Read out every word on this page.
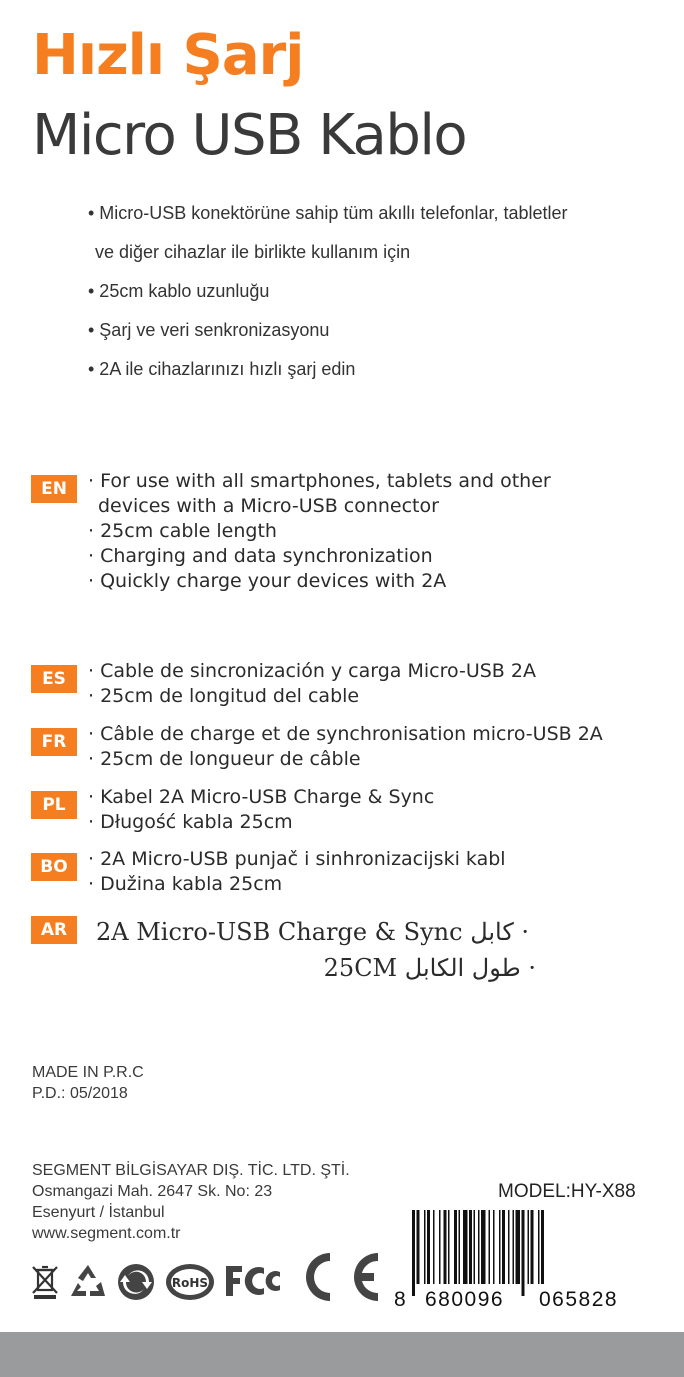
Hızlı Şarj
Micro USB Kablo
• Micro-USB konektörüne sahip tüm akıllı telefonlar, tabletler
ve diğer cihazlar ile birlikte kullanım için
• 25cm kablo uzunluğu
• Şarj ve veri senkronizasyonu
• 2A ile cihazlarınızı hızlı şarj edin
EN	· For use with all smartphones, tablets and other
devices with a Micro-USB connector
· 25cm cable length
· Charging and data synchronization
· Quickly charge your devices with 2A
ES	· Cable de sincronización y carga Micro-USB 2A
· 25cm de longitud del cable
FR	· Câble de charge et de synchronisation micro-USB 2A
· 25cm de longueur de câble
PL	· Kabel 2A Micro-USB Charge & Sync
· Długość kabla 25cm
BO	· 2A Micro-USB punjač i sinhronizacijski kabl
· Dužina kabla 25cm
AR	2A Micro-USB Charge & Sync كابل ·
25CM طول الكابل ·
MADE IN P.R.C
P.D.: 05/2018
SEGMENT BİLGİSAYAR DIŞ. TİC. LTD. ŞTİ.
Osmangazi Mah. 2647 Sk. No: 23
Esenyurt / İstanbul
www.segment.com.tr
MODEL:HY-X88
8 680096 065828
RoHS
